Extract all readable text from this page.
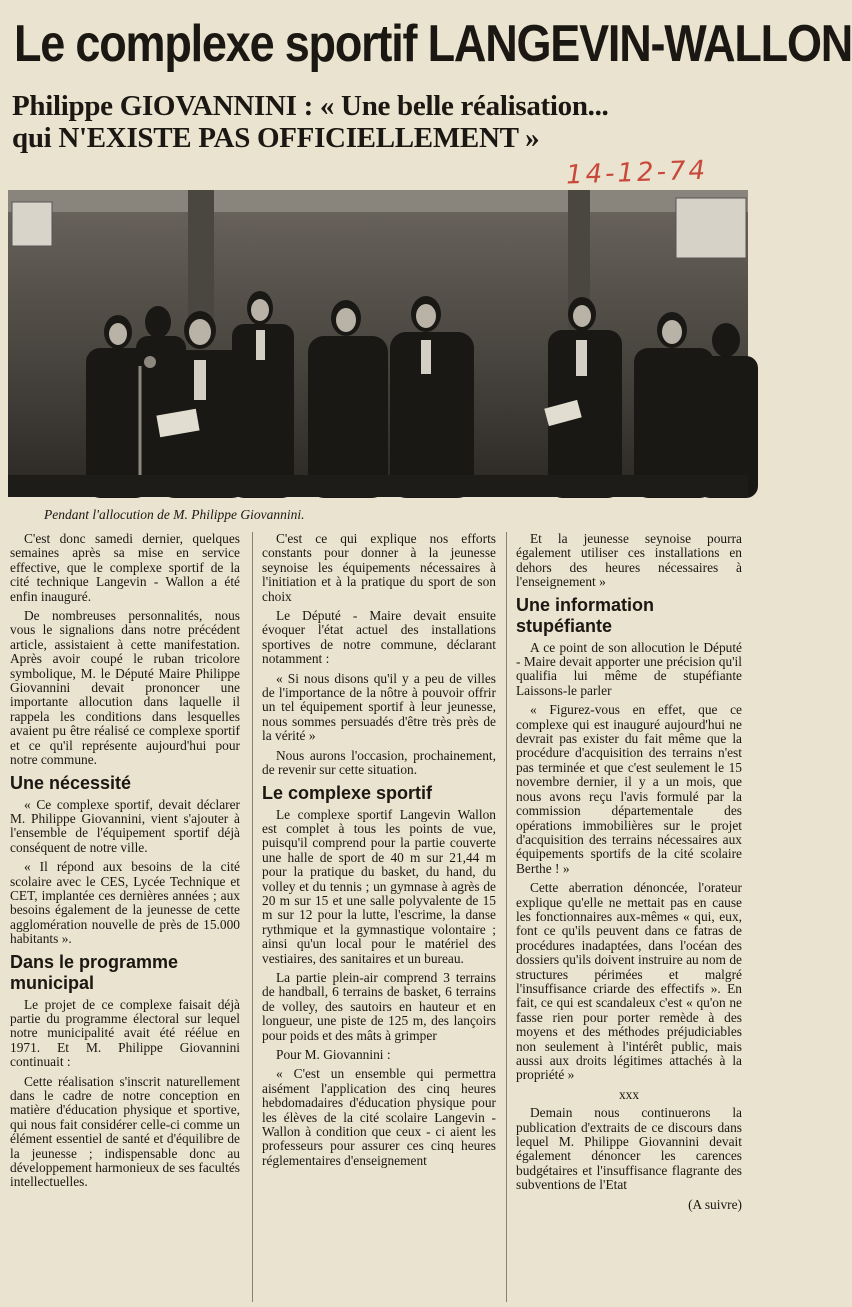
Le complexe sportif LANGEVIN-WALLON
Philippe GIOVANNINI : « Une belle réalisation... qui N'EXISTE PAS OFFICIELLEMENT »
14-12-74
Pendant l'allocution de M. Philippe Giovannini.

C'est donc samedi dernier, quelques semaines après sa mise en service effective, que le complexe sportif de la cité technique Langevin - Wallon a été enfin inauguré.

De nombreuses personnalités, nous vous le signalions dans notre précédent article, assistaient à cette manifestation. Après avoir coupé le ruban tricolore symbolique, M. le Député Maire Philippe Giovannini devait prononcer une importante allocution dans laquelle il rappela les conditions dans lesquelles avaient pu être réalisé ce complexe sportif et ce qu'il représente aujourd'hui pour notre commune.

Une nécessité

« Ce complexe sportif, devait déclarer M. Philippe Giovannini, vient s'ajouter à l'ensemble de l'équipement sportif déjà conséquent de notre ville.

« Il répond aux besoins de la cité scolaire avec le CES, Lycée Technique et CET, implantée ces dernières années ; aux besoins également de la jeunesse de cette agglomération nouvelle de près de 15.000 habitants ».

Dans le programme municipal

Le projet de ce complexe faisait déjà partie du programme électoral sur lequel notre municipalité avait été réélue en 1971. Et M. Philippe Giovannini continuait :

Cette réalisation s'inscrit naturellement dans le cadre de notre conception en matière d'éducation physique et sportive, qui nous fait considérer celle-ci comme un élément essentiel de santé et d'équilibre de la jeunesse ; indispensable donc au développement harmonieux de ses facultés intellectuelles.

C'est ce qui explique nos efforts constants pour donner à la jeunesse seynoise les équipements nécessaires à l'initiation et à la pratique du sport de son choix

Le Député - Maire devait ensuite évoquer l'état actuel des installations sportives de notre commune, déclarant notamment :

« Si nous disons qu'il y a peu de villes de l'importance de la nôtre à pouvoir offrir un tel équipement sportif à leur jeunesse, nous sommes persuadés d'être très près de la vérité »

Nous aurons l'occasion, prochainement, de revenir sur cette situation.

Le complexe sportif

Le complexe sportif Langevin Wallon est complet à tous les points de vue, puisqu'il comprend pour la partie couverte une halle de sport de 40 m sur 21,44 m pour la pratique du basket, du hand, du volley et du tennis ; un gymnase à agrès de 20 m sur 15 et une salle polyvalente de 15 m sur 12 pour la lutte, l'escrime, la danse rythmique et la gymnastique volontaire ; ainsi qu'un local pour le matériel des vestiaires, des sanitaires et un bureau.

La partie plein-air comprend 3 terrains de handball, 6 terrains de basket, 6 terrains de volley, des sautoirs en hauteur et en longueur, une piste de 125 m, des lançoirs pour poids et des mâts à grimper

Pour M. Giovannini :

« C'est un ensemble qui permettra aisément l'application des cinq heures hebdomadaires d'éducation physique pour les élèves de la cité scolaire Langevin - Wallon à condition que ceux - ci aient les professeurs pour assurer ces cinq heures réglementaires d'enseignement

Et la jeunesse seynoise pourra également utiliser ces installations en dehors des heures nécessaires à l'enseignement »

Une information stupéfiante

A ce point de son allocution le Député - Maire devait apporter une précision qu'il qualifia lui même de stupéfiante Laissons-le parler

« Figurez-vous en effet, que ce complexe qui est inauguré aujourd'hui ne devrait pas exister du fait même que la procédure d'acquisition des terrains n'est pas terminée et que c'est seulement le 15 novembre dernier, il y a un mois, que nous avons reçu l'avis formulé par la commission départementale des opérations immobilières sur le projet d'acquisition des terrains nécessaires aux équipements sportifs de la cité scolaire Berthe ! »

Cette aberration dénoncée, l'orateur explique qu'elle ne mettait pas en cause les fonctionnaires aux-mêmes « qui, eux, font ce qu'ils peuvent dans ce fatras de procédures inadaptées, dans l'océan des dossiers qu'ils doivent instruire au nom de structures périmées et malgré l'insuffisance criarde des effectifs ». En fait, ce qui est scandaleux c'est « qu'on ne fasse rien pour porter remède à des moyens et des méthodes préjudiciables non seulement à l'intérêt public, mais aussi aux droits légitimes attachés à la propriété »

xxx

Demain nous continuerons la publication d'extraits de ce discours dans lequel M. Philippe Giovannini devait également dénoncer les carences budgétaires et l'insuffisance flagrante des subventions de l'Etat

(A suivre)
